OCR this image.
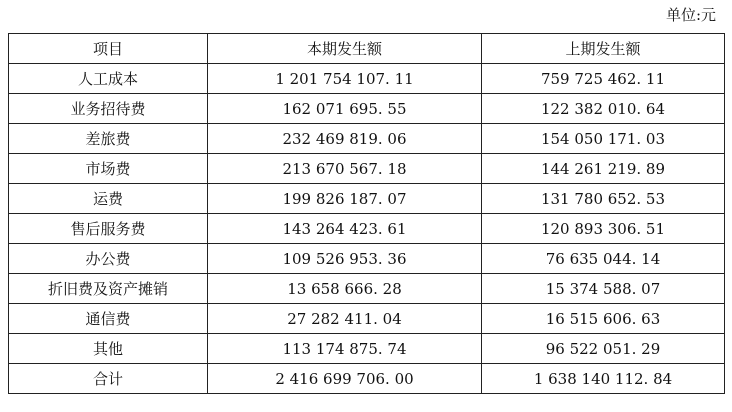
单位:元
项目	本期发生额	上期发生额
人工成本	1 201 754 107. 11	759 725 462. 11
业务招待费	162 071 695. 55	122 382 010. 64
差旅费	232 469 819. 06	154 050 171. 03
市场费	213 670 567. 18	144 261 219. 89
运费	199 826 187. 07	131 780 652. 53
售后服务费	143 264 423. 61	120 893 306. 51
办公费	109 526 953. 36	76 635 044. 14
折旧费及资产摊销	13 658 666. 28	15 374 588. 07
通信费	27 282 411. 04	16 515 606. 63
其他	113 174 875. 74	96 522 051. 29
合计	2 416 699 706. 00	1 638 140 112. 84
